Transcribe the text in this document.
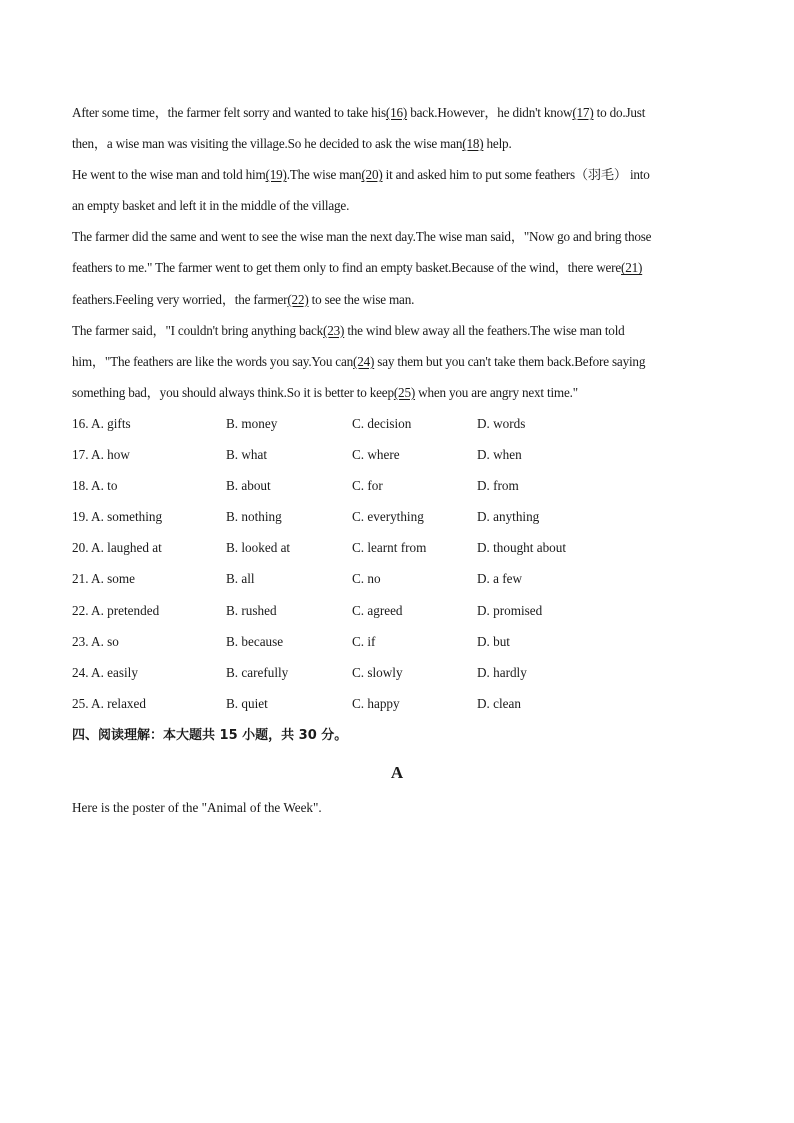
After some time，the farmer felt sorry and wanted to take his(16) back.However，he didn't know(17) to do.Just
then，a wise man was visiting the village.So he decided to ask the wise man(18) help.
He went to the wise man and told him(19).The wise man(20) it and asked him to put some feathers（羽毛） into
an empty basket and left it in the middle of the village.
The farmer did the same and went to see the wise man the next day.The wise man said，"Now go and bring those
feathers to me." The farmer went to get them only to find an empty basket.Because of the wind，there were(21)
feathers.Feeling very worried，the farmer(22) to see the wise man.
The farmer said，"I couldn't bring anything back(23) the wind blew away all the feathers.The wise man told
him，"The feathers are like the words you say.You can(24) say them but you can't take them back.Before saying
something bad，you should always think.So it is better to keep(25) when you are angry next time."
16. A. gifts	B. money	C. decision	D. words
17. A. how	B. what	C. where	D. when
18. A. to	B. about	C. for	D. from
19. A. something	B. nothing	C. everything	D. anything
20. A. laughed at	B. looked at	C. learnt from	D. thought about
21. A. some	B. all	C. no	D. a few
22. A. pretended	B. rushed	C. agreed	D. promised
23. A. so	B. because	C. if	D. but
24. A. easily	B. carefully	C. slowly	D. hardly
25. A. relaxed	B. quiet	C. happy	D. clean
四、阅读理解：本大题共 15 小题，共 30 分。
A
Here is the poster of the "Animal of the Week".
